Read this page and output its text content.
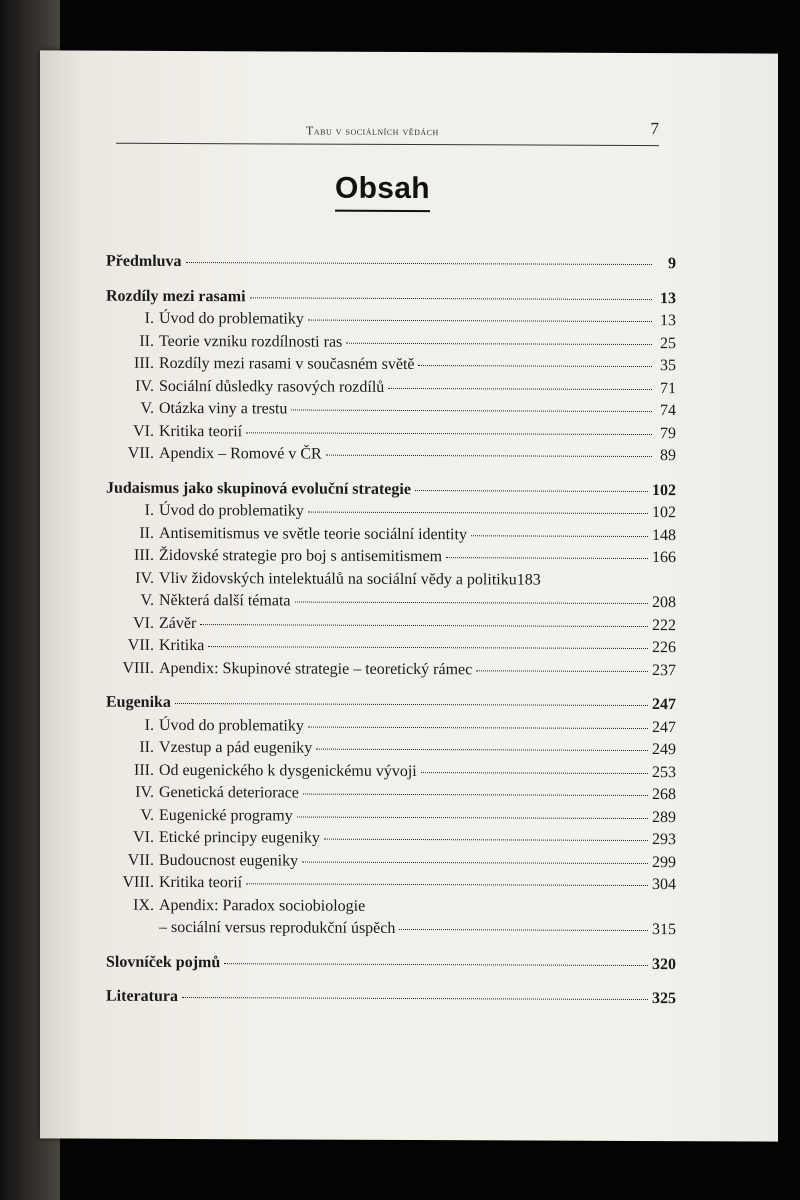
Tabu v sociálních vědách	7
Obsah
Předmluva	9
Rozdíly mezi rasami	13
I. Úvod do problematiky	13
II. Teorie vzniku rozdílnosti ras	25
III. Rozdíly mezi rasami v současném světě	35
IV. Sociální důsledky rasových rozdílů	71
V. Otázka viny a trestu	74
VI. Kritika teorií	79
VII. Apendix – Romové v ČR	89
Judaismus jako skupinová evoluční strategie	102
I. Úvod do problematiky	102
II. Antisemitismus ve světle teorie sociální identity	148
III. Židovské strategie pro boj s antisemitismem	166
IV. Vliv židovských intelektuálů na sociální vědy a politiku 183
V. Některá další témata	208
VI. Závěr	222
VII. Kritika	226
VIII. Apendix: Skupinové strategie – teoretický rámec	237
Eugenika	247
I. Úvod do problematiky	247
II. Vzestup a pád eugeniky	249
III. Od eugenického k dysgenickému vývoji	253
IV. Genetická deteriorace	268
V. Eugenické programy	289
VI. Etické principy eugeniky	293
VII. Budoucnost eugeniky	299
VIII. Kritika teorií	304
IX. Apendix: Paradox sociobiologie
– sociální versus reprodukční úspěch	315
Slovníček pojmů	320
Literatura	325
